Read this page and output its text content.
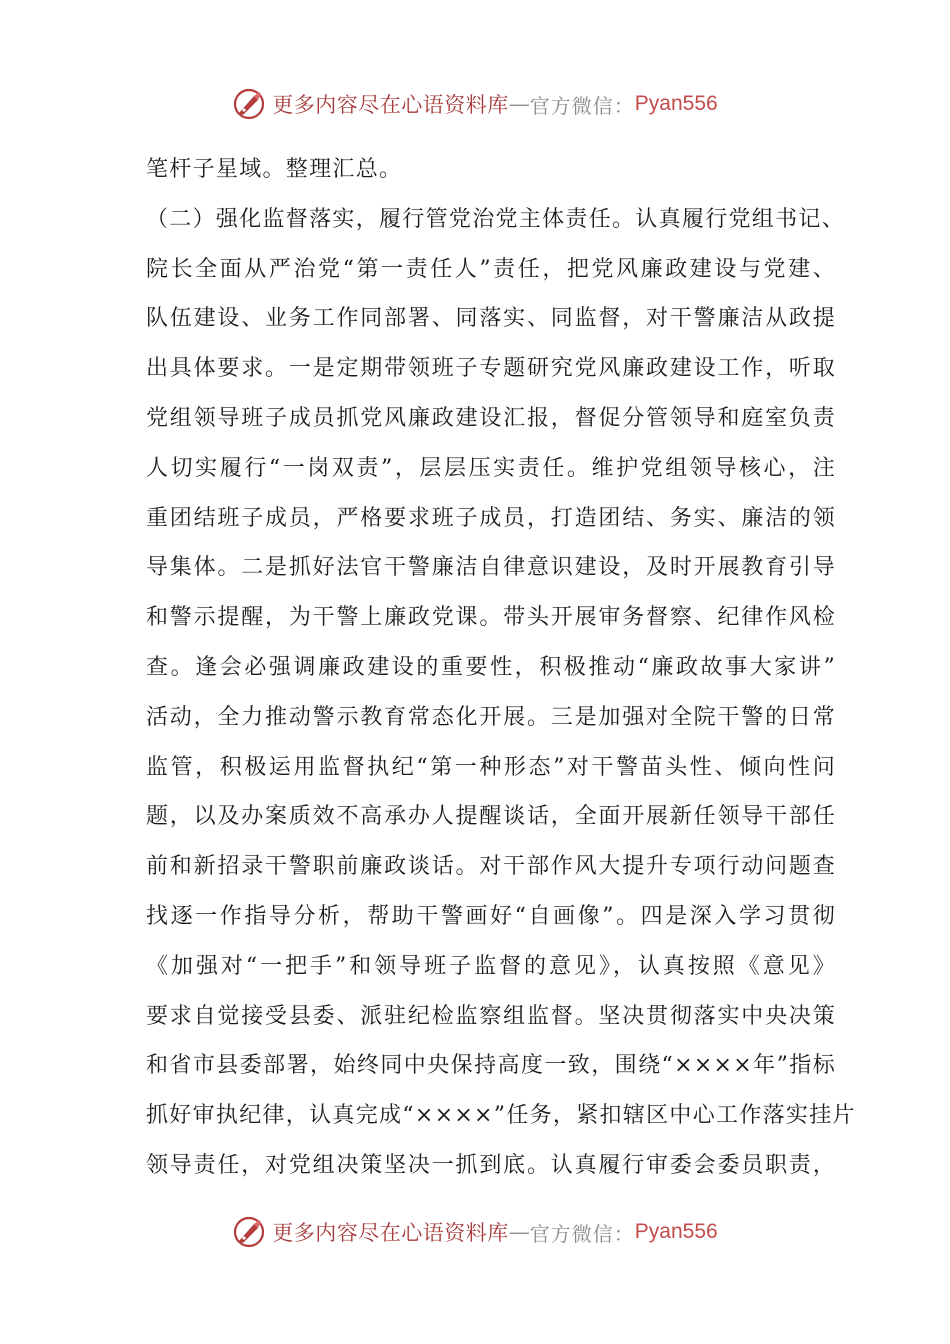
更多内容尽在心语资料库 — 官方微信： Pyan556
笔杆子星域。整理汇总。
（二）强化监督落实，履行管党治党主体责任。认真履行党组书记、
院长全面从严治党“第一责任人”责任，把党风廉政建设与党建、
队伍建设、业务工作同部署、同落实、同监督，对干警廉洁从政提
出具体要求。一是定期带领班子专题研究党风廉政建设工作，听取
党组领导班子成员抓党风廉政建设汇报，督促分管领导和庭室负责
人切实履行“一岗双责”，层层压实责任。维护党组领导核心，注
重团结班子成员，严格要求班子成员，打造团结、务实、廉洁的领
导集体。二是抓好法官干警廉洁自律意识建设，及时开展教育引导
和警示提醒，为干警上廉政党课。带头开展审务督察、纪律作风检
查。逢会必强调廉政建设的重要性，积极推动“廉政故事大家讲”
活动，全力推动警示教育常态化开展。三是加强对全院干警的日常
监管，积极运用监督执纪“第一种形态”对干警苗头性、倾向性问
题，以及办案质效不高承办人提醒谈话，全面开展新任领导干部任
前和新招录干警职前廉政谈话。对干部作风大提升专项行动问题查
找逐一作指导分析，帮助干警画好“自画像”。四是深入学习贯彻
《加强对“一把手”和领导班子监督的意见》，认真按照《意见》
要求自觉接受县委、派驻纪检监察组监督。坚决贯彻落实中央决策
和省市县委部署，始终同中央保持高度一致，围绕“××××年”指标
抓好审执纪律，认真完成“××××”任务，紧扣辖区中心工作落实挂片
领导责任，对党组决策坚决一抓到底。认真履行审委会委员职责，
更多内容尽在心语资料库 — 官方微信： Pyan556
